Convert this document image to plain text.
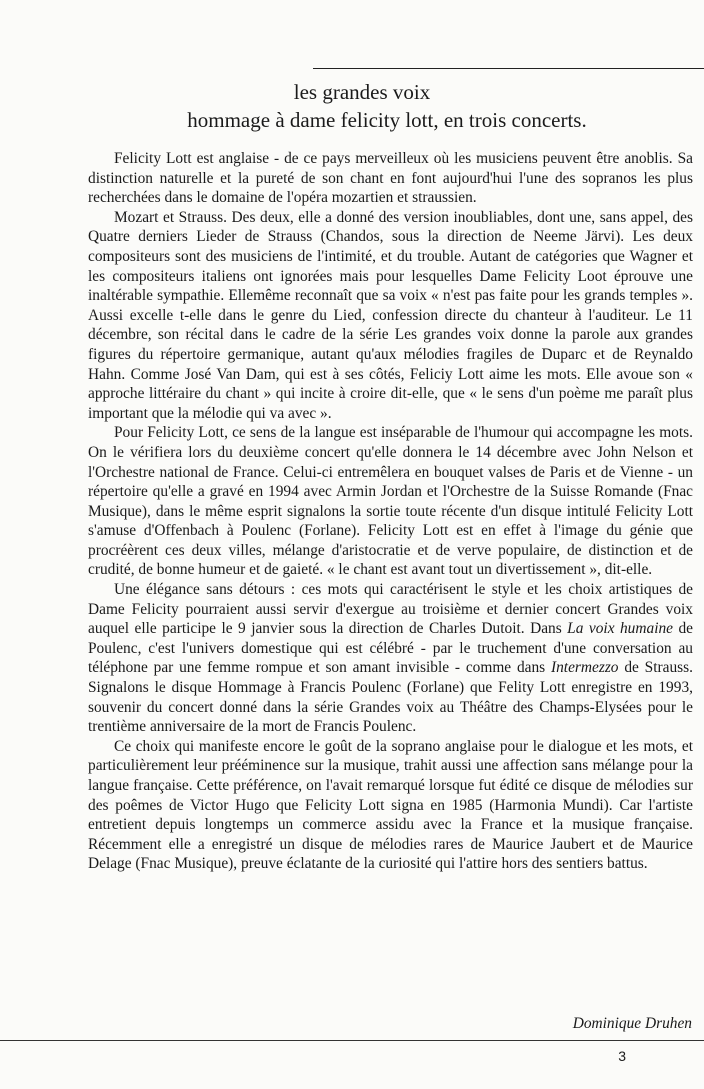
les grandes voix
hommage à dame felicity lott, en trois concerts.

Felicity Lott est anglaise - de ce pays merveilleux où les musiciens peuvent être anoblis. Sa distinction naturelle et la pureté de son chant en font aujourd'hui l'une des sopranos les plus recherchées dans le domaine de l'opéra mozartien et straussien.

Mozart et Strauss. Des deux, elle a donné des version inoubliables, dont une, sans appel, des Quatre derniers Lieder de Strauss (Chandos, sous la direction de Neeme Järvi). Les deux compositeurs sont des musiciens de l'intimité, et du trouble. Autant de catégories que Wagner et les compositeurs italiens ont ignorées mais pour lesquelles Dame Felicity Loot éprouve une inaltérable sympathie. Ellemême reconnaît que sa voix « n'est pas faite pour les grands temples ». Aussi excelle t-elle dans le genre du Lied, confession directe du chanteur à l'auditeur. Le 11 décembre, son récital dans le cadre de la série Les grandes voix donne la parole aux grandes figures du répertoire germanique, autant qu'aux mélodies fragiles de Duparc et de Reynaldo Hahn. Comme José Van Dam, qui est à ses côtés, Feliciy Lott aime les mots. Elle avoue son « approche littéraire du chant » qui incite à croire dit-elle, que « le sens d'un poème me paraît plus important que la mélodie qui va avec ».

Pour Felicity Lott, ce sens de la langue est inséparable de l'humour qui accompagne les mots. On le vérifiera lors du deuxième concert qu'elle donnera le 14 décembre avec John Nelson et l'Orchestre national de France. Celui-ci entremêlera en bouquet valses de Paris et de Vienne - un répertoire qu'elle a gravé en 1994 avec Armin Jordan et l'Orchestre de la Suisse Romande (Fnac Musique), dans le même esprit signalons la sortie toute récente d'un disque intitulé Felicity Lott s'amuse d'Offenbach à Poulenc (Forlane). Felicity Lott est en effet à l'image du génie que procréèrent ces deux villes, mélange d'aristocratie et de verve populaire, de distinction et de crudité, de bonne humeur et de gaieté. « le chant est avant tout un divertissement », dit-elle.

Une élégance sans détours : ces mots qui caractérisent le style et les choix artistiques de Dame Felicity pourraient aussi servir d'exergue au troisième et dernier concert Grandes voix auquel elle participe le 9 janvier sous la direction de Charles Dutoit. Dans La voix humaine de Poulenc, c'est l'univers domestique qui est célébré - par le truchement d'une conversation au téléphone par une femme rompue et son amant invisible - comme dans Intermezzo de Strauss. Signalons le disque Hommage à Francis Poulenc (Forlane) que Felity Lott enregistre en 1993, souvenir du concert donné dans la série Grandes voix au Théâtre des Champs-Elysées pour le trentième anniversaire de la mort de Francis Poulenc.

Ce choix qui manifeste encore le goût de la soprano anglaise pour le dialogue et les mots, et particulièrement leur prééminence sur la musique, trahit aussi une affection sans mélange pour la langue française. Cette préférence, on l'avait remarqué lorsque fut édité ce disque de mélodies sur des poêmes de Victor Hugo que Felicity Lott signa en 1985 (Harmonia Mundi). Car l'artiste entretient depuis longtemps un commerce assidu avec la France et la musique française. Récemment elle a enregistré un disque de mélodies rares de Maurice Jaubert et de Maurice Delage (Fnac Musique), preuve éclatante de la curiosité qui l'attire hors des sentiers battus.

Dominique Druhen
3
